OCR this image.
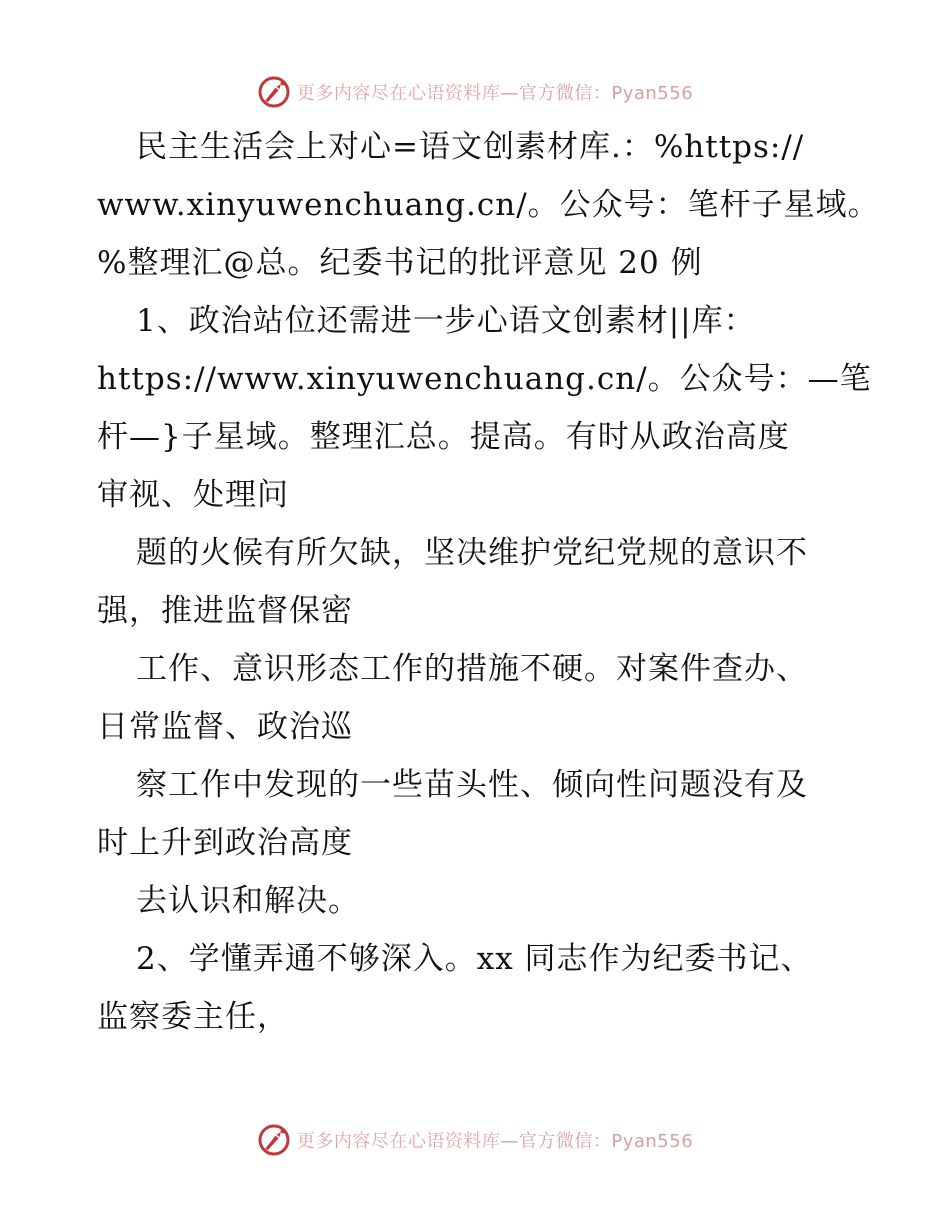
更多内容尽在心语资料库—官方微信：Pyan556
民主生活会上对心=语文创素材库.：%https://
www.xinyuwenchuang.cn/。公众号：笔杆子星域。
%整理汇@总。纪委书记的批评意见 20 例
1、政治站位还需进一步心语文创素材||库：
https://www.xinyuwenchuang.cn/。公众号：—笔
杆—}子星域。整理汇总。提高。有时从政治高度
审视、处理问
题的火候有所欠缺，坚决维护党纪党规的意识不
强，推进监督保密
工作、意识形态工作的措施不硬。对案件查办、
日常监督、政治巡
察工作中发现的一些苗头性、倾向性问题没有及
时上升到政治高度
去认识和解决。
2、学懂弄通不够深入。xx 同志作为纪委书记、
监察委主任，
更多内容尽在心语资料库—官方微信：Pyan556
